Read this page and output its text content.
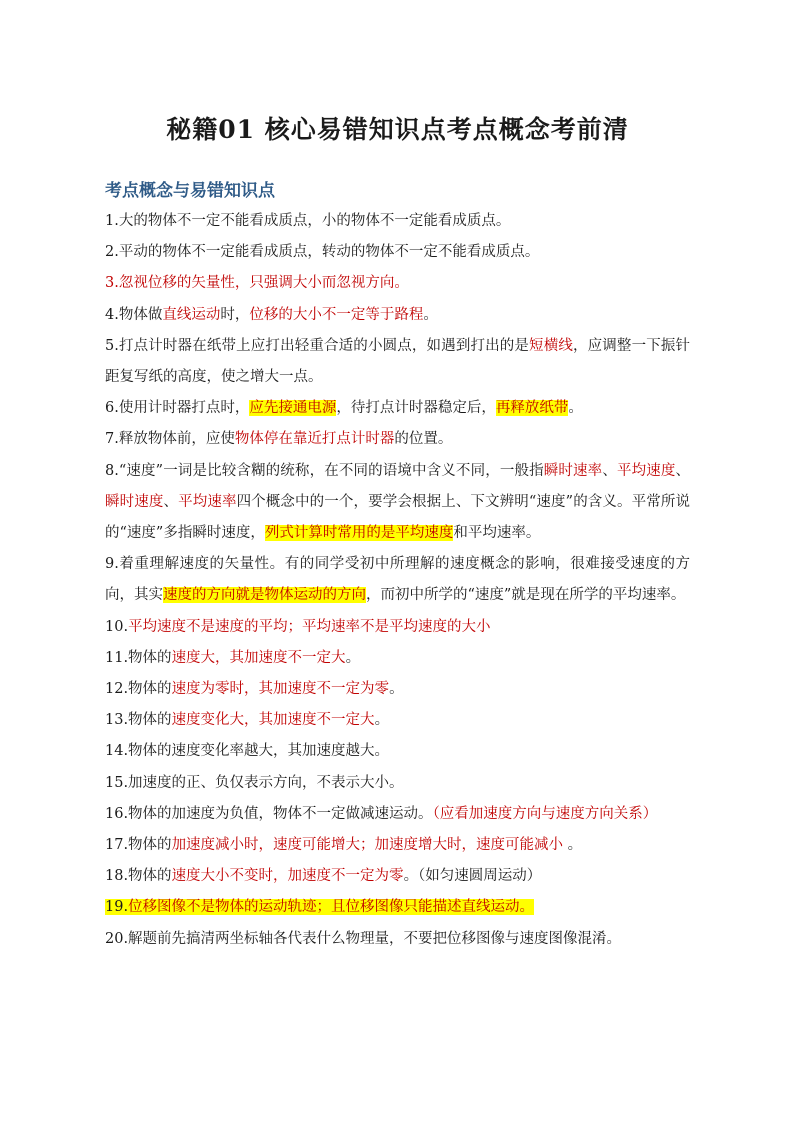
秘籍01 核心易错知识点考点概念考前清
考点概念与易错知识点
1.大的物体不一定不能看成质点，小的物体不一定能看成质点。
2.平动的物体不一定能看成质点，转动的物体不一定不能看成质点。
3.忽视位移的矢量性，只强调大小而忽视方向。
4.物体做直线运动时，位移的大小不一定等于路程。
5.打点计时器在纸带上应打出轻重合适的小圆点，如遇到打出的是短横线，应调整一下振针距复写纸的高度，使之增大一点。
6.使用计时器打点时，应先接通电源，待打点计时器稳定后，再释放纸带。
7.释放物体前，应使物体停在靠近打点计时器的位置。
8.“速度”一词是比较含糊的统称，在不同的语境中含义不同，一般指瞬时速率、平均速度、瞬时速度、平均速率四个概念中的一个，要学会根据上、下文辨明“速度”的含义。平常所说的“速度”多指瞬时速度，列式计算时常用的是平均速度和平均速率。
9.着重理解速度的矢量性。有的同学受初中所理解的速度概念的影响，很难接受速度的方向，其实速度的方向就是物体运动的方向，而初中所学的“速度”就是现在所学的平均速率。
10.平均速度不是速度的平均；平均速率不是平均速度的大小
11.物体的速度大，其加速度不一定大。
12.物体的速度为零时，其加速度不一定为零。
13.物体的速度变化大，其加速度不一定大。
14.物体的速度变化率越大，其加速度越大。
15.加速度的正、负仅表示方向，不表示大小。
16.物体的加速度为负值，物体不一定做减速运动。（应看加速度方向与速度方向关系）
17.物体的加速度减小时，速度可能增大；加速度增大时，速度可能减小 。
18.物体的速度大小不变时，加速度不一定为零。（如匀速圆周运动）
19.位移图像不是物体的运动轨迹；且位移图像只能描述直线运动。
20.解题前先搞清两坐标轴各代表什么物理量，不要把位移图像与速度图像混淆。
